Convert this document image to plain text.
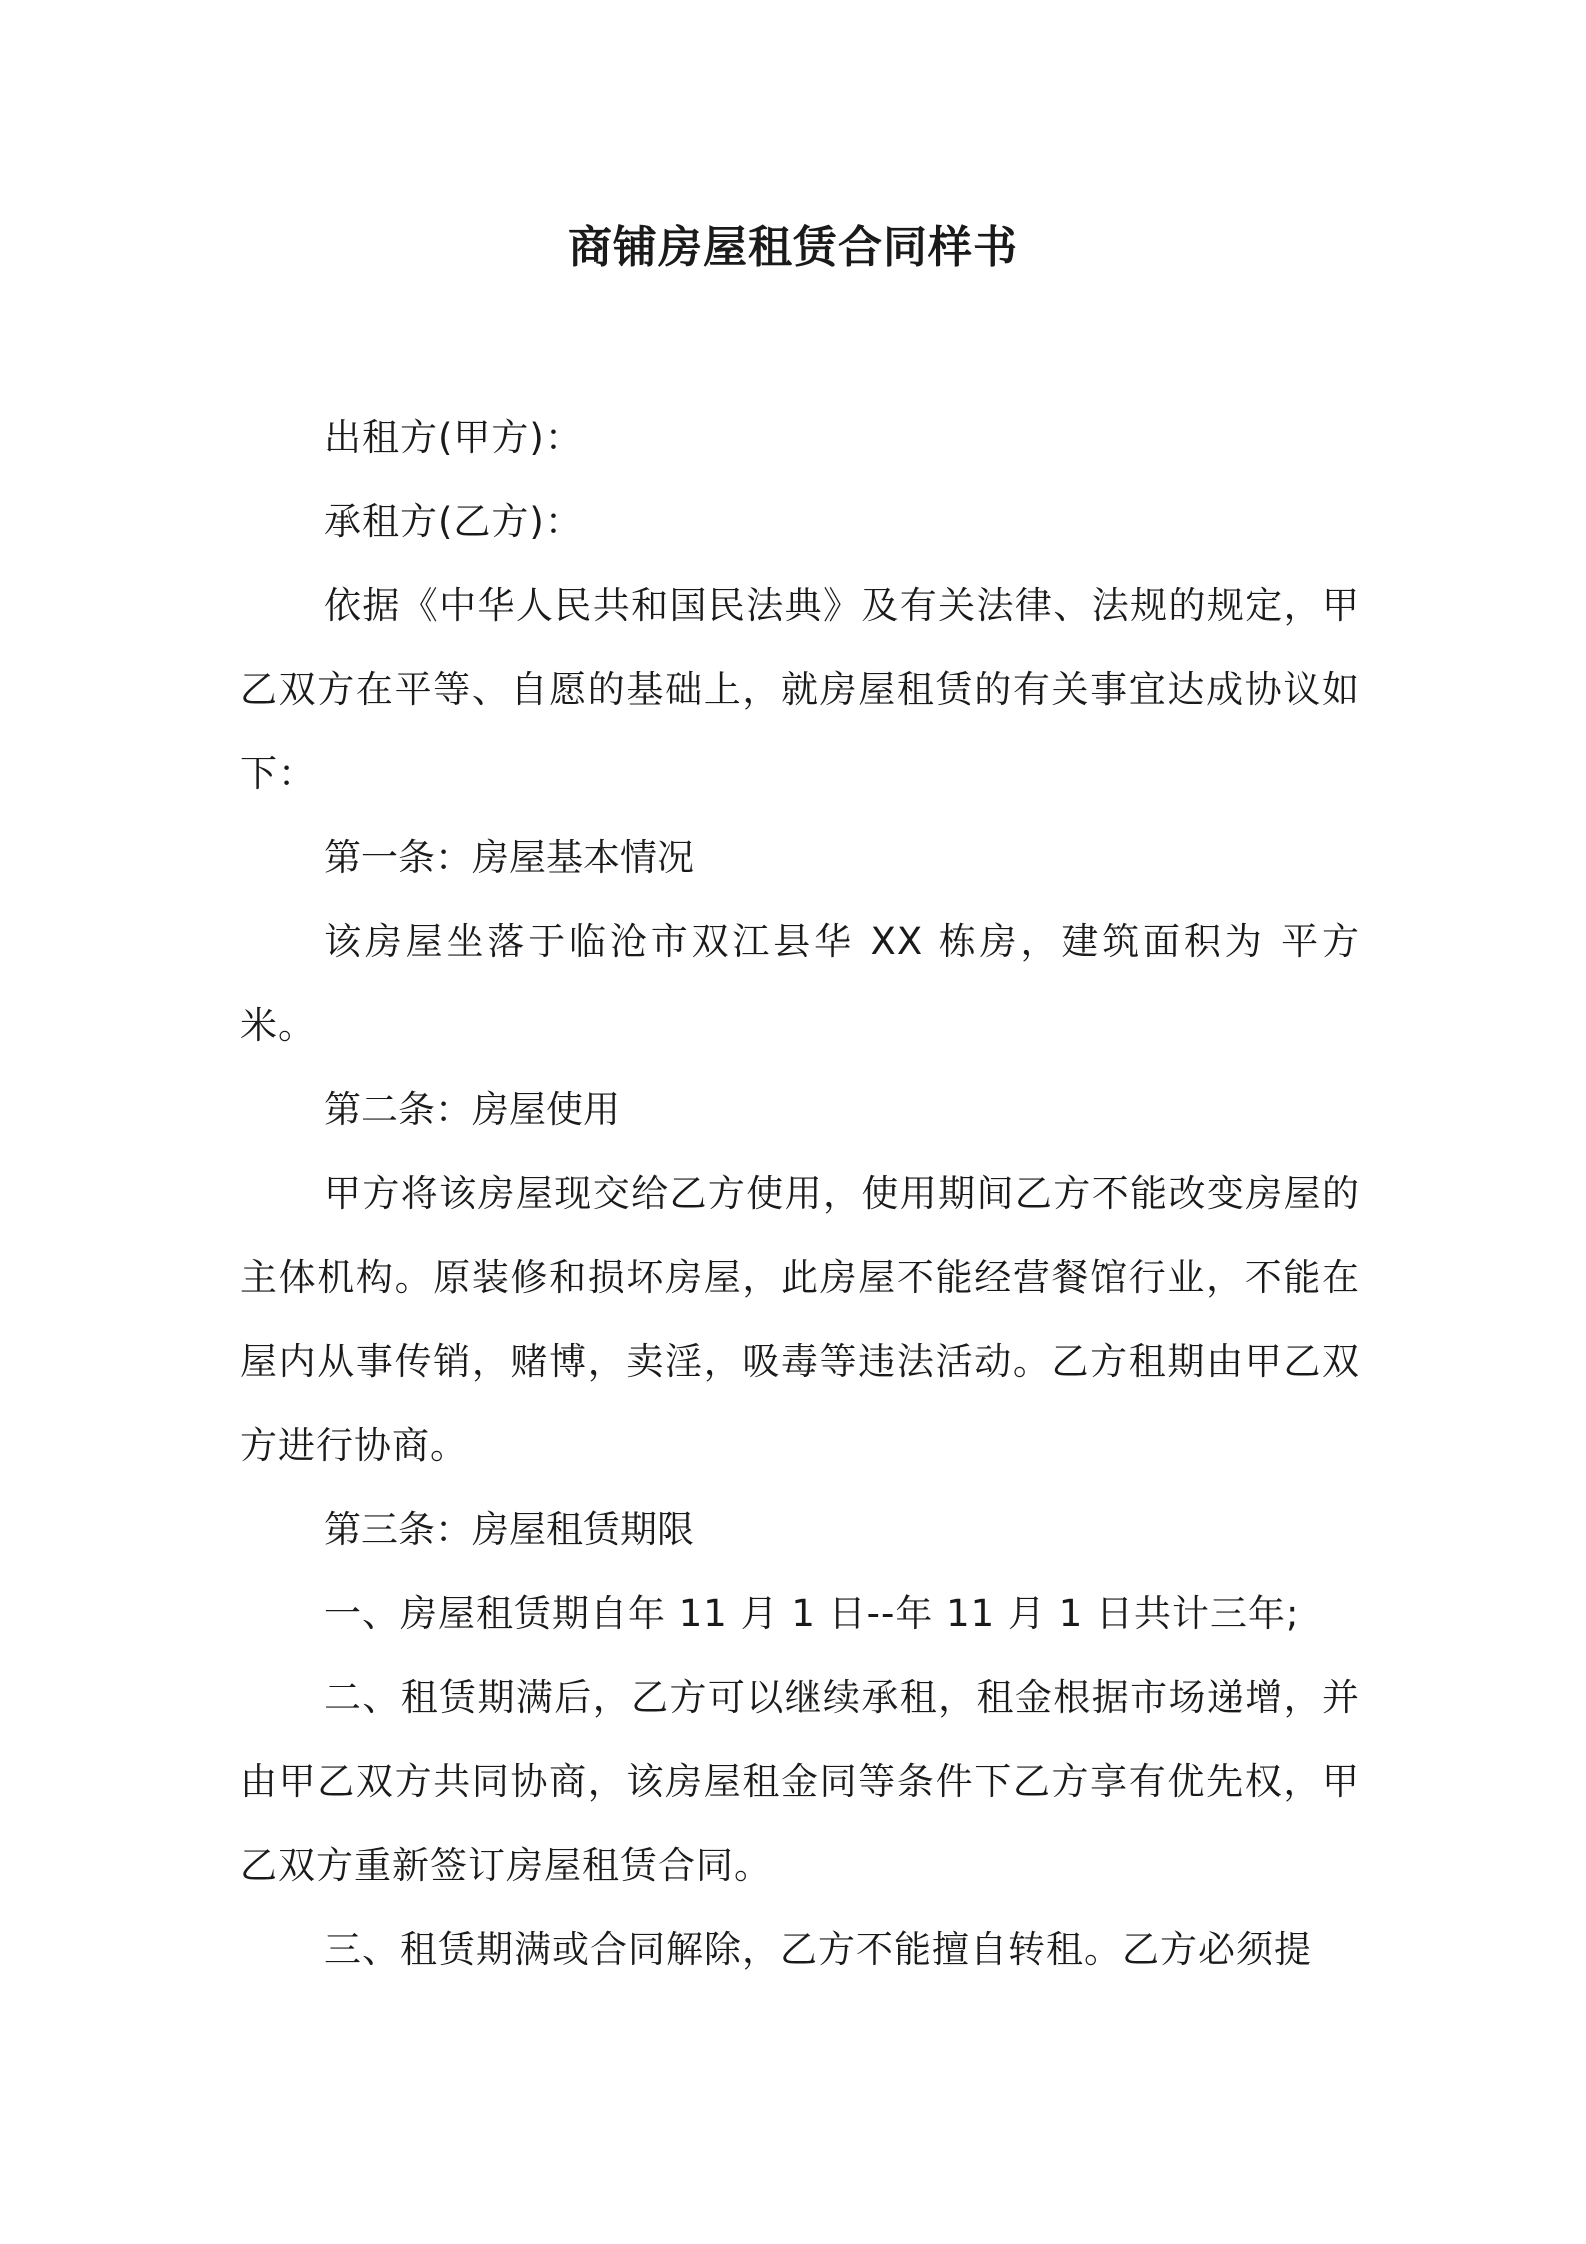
商铺房屋租赁合同样书

出租方(甲方)：

承租方(乙方)：

依据《中华人民共和国民法典》及有关法律、法规的规定，甲乙双方在平等、自愿的基础上，就房屋租赁的有关事宜达成协议如下：

第一条：房屋基本情况

该房屋坐落于临沧市双江县华 XX 栋房，建筑面积为 平方米。

第二条：房屋使用

甲方将该房屋现交给乙方使用，使用期间乙方不能改变房屋的主体机构。原装修和损坏房屋，此房屋不能经营餐馆行业，不能在屋内从事传销，赌博，卖淫，吸毒等违法活动。乙方租期由甲乙双方进行协商。

第三条：房屋租赁期限

一、房屋租赁期自年 11 月 1 日--年 11 月 1 日共计三年;

二、租赁期满后，乙方可以继续承租，租金根据市场递增，并由甲乙双方共同协商，该房屋租金同等条件下乙方享有优先权，甲乙双方重新签订房屋租赁合同。

三、租赁期满或合同解除，乙方不能擅自转租。乙方必须提
